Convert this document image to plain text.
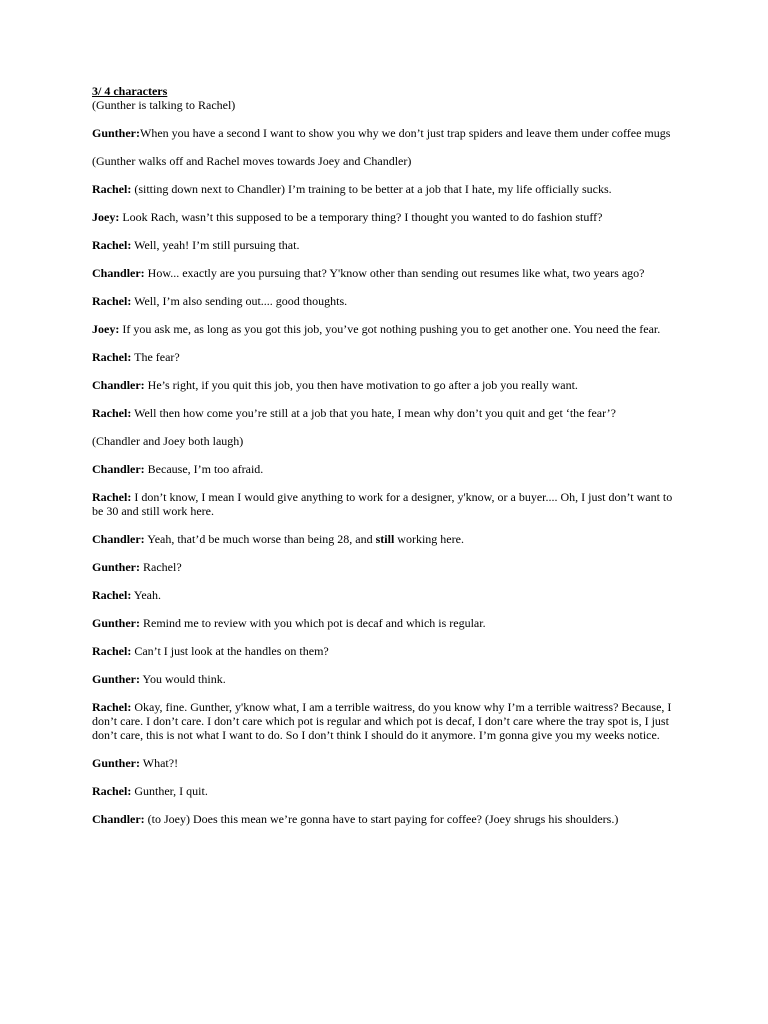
3/ 4 characters
(Gunther is talking to Rachel)

Gunther:When you have a second I want to show you why we don’t just trap spiders and leave them under coffee mugs

(Gunther walks off and Rachel moves towards Joey and Chandler)

Rachel: (sitting down next to Chandler) I’m training to be better at a job that I hate, my life officially sucks.

Joey: Look Rach, wasn’t this supposed to be a temporary thing? I thought you wanted to do fashion stuff?

Rachel: Well, yeah! I’m still pursuing that.

Chandler: How... exactly are you pursuing that? Y'know other than sending out resumes like what, two years ago?

Rachel: Well, I’m also sending out.... good thoughts.

Joey: If you ask me, as long as you got this job, you’ve got nothing pushing you to get another one. You need the fear.

Rachel: The fear?

Chandler: He’s right, if you quit this job, you then have motivation to go after a job you really want.

Rachel: Well then how come you’re still at a job that you hate, I mean why don’t you quit and get ‘the fear’?

(Chandler and Joey both laugh)

Chandler: Because, I’m too afraid.

Rachel: I don’t know, I mean I would give anything to work for a designer, y'know, or a buyer.... Oh, I just don’t want to be 30 and still work here.

Chandler: Yeah, that’d be much worse than being 28, and still working here.

Gunther: Rachel?

Rachel: Yeah.

Gunther: Remind me to review with you which pot is decaf and which is regular.

Rachel: Can’t I just look at the handles on them?

Gunther: You would think.

Rachel: Okay, fine. Gunther, y'know what, I am a terrible waitress, do you know why I’m a terrible waitress? Because, I don’t care. I don’t care. I don’t care which pot is regular and which pot is decaf, I don’t care where the tray spot is, I just don’t care, this is not what I want to do. So I don’t think I should do it anymore. I’m gonna give you my weeks notice.

Gunther: What?!

Rachel: Gunther, I quit.

Chandler: (to Joey) Does this mean we’re gonna have to start paying for coffee? (Joey shrugs his shoulders.)
